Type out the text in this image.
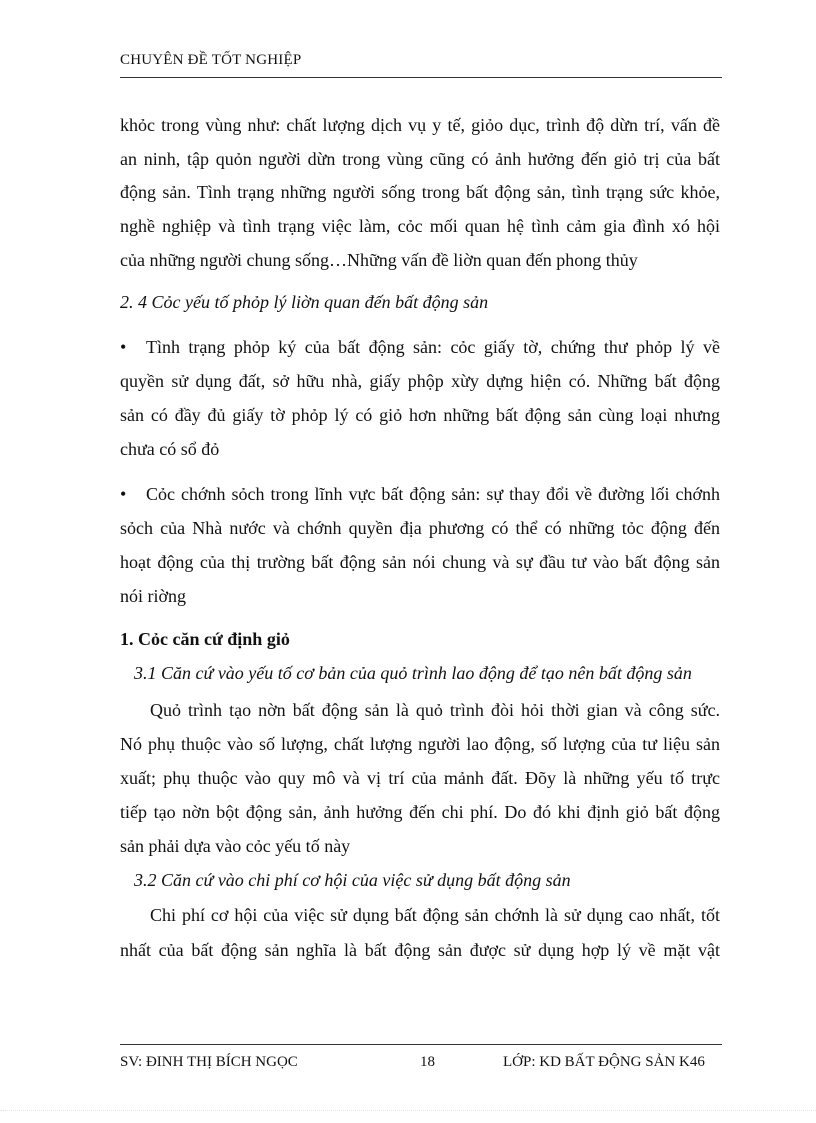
CHUYÊN ĐỀ TỐT NGHIỆP
khỏc trong vùng như: chất lượng dịch vụ y tế, giỏo dục, trình độ dừn trí, vấn đề
an ninh, tập quỏn người dừn trong vùng cũng có ảnh hưởng đến giỏ trị của bất
động sản. Tình trạng những người sống trong bất động sản, tình trạng sức khỏe,
nghề nghiệp và tình trạng việc làm, cỏc mối quan hệ tình cảm gia đình xó hội
của những người chung sống…Những vấn đề liờn quan đến phong thủy
2. 4 Cỏc yếu tố phỏp lý liờn quan đến bất động sản
• Tình trạng phỏp ký của bất động sản: cỏc giấy tờ, chứng thư phỏp lý về
quyền sử dụng đất, sở hữu nhà, giấy phộp xừy dựng hiện có. Những bất động
sản có đầy đủ giấy tờ phỏp lý có giỏ hơn những bất động sản cùng loại nhưng
chưa có sổ đỏ
• Cỏc chớnh sỏch trong lĩnh vực bất động sản: sự thay đổi về đường lối chớnh
sỏch của Nhà nước và chớnh quyền địa phương có thể có những tỏc động đến
hoạt động của thị trường bất động sản nói chung và sự đầu tư vào bất động sản
nói riờng
1. Cỏc căn cứ định giỏ
3.1 Căn cứ vào yếu tố cơ bản của quỏ trình lao động để tạo nên bất động sản
Quỏ trình tạo nờn bất động sản là quỏ trình đòi hỏi thời gian và công sức.
Nó phụ thuộc vào số lượng, chất lượng người lao động, số lượng của tư liệu sản
xuất; phụ thuộc vào quy mô và vị trí của mảnh đất. Đõy là những yếu tố trực
tiếp tạo nờn bột động sản, ảnh hưởng đến chi phí. Do đó khi định giỏ bất động
sản phải dựa vào cỏc yếu tố này
3.2 Căn cứ vào chi phí cơ hội của việc sử dụng bất động sản
Chi phí cơ hội của việc sử dụng bất động sản chớnh là sử dụng cao nhất, tốt
nhất của bất động sản nghĩa là bất động sản được sử dụng hợp lý về mặt vật
SV: ĐINH THỊ BÍCH NGỌC	18	LỚP: KD BẤT ĐỘNG SẢN K46
